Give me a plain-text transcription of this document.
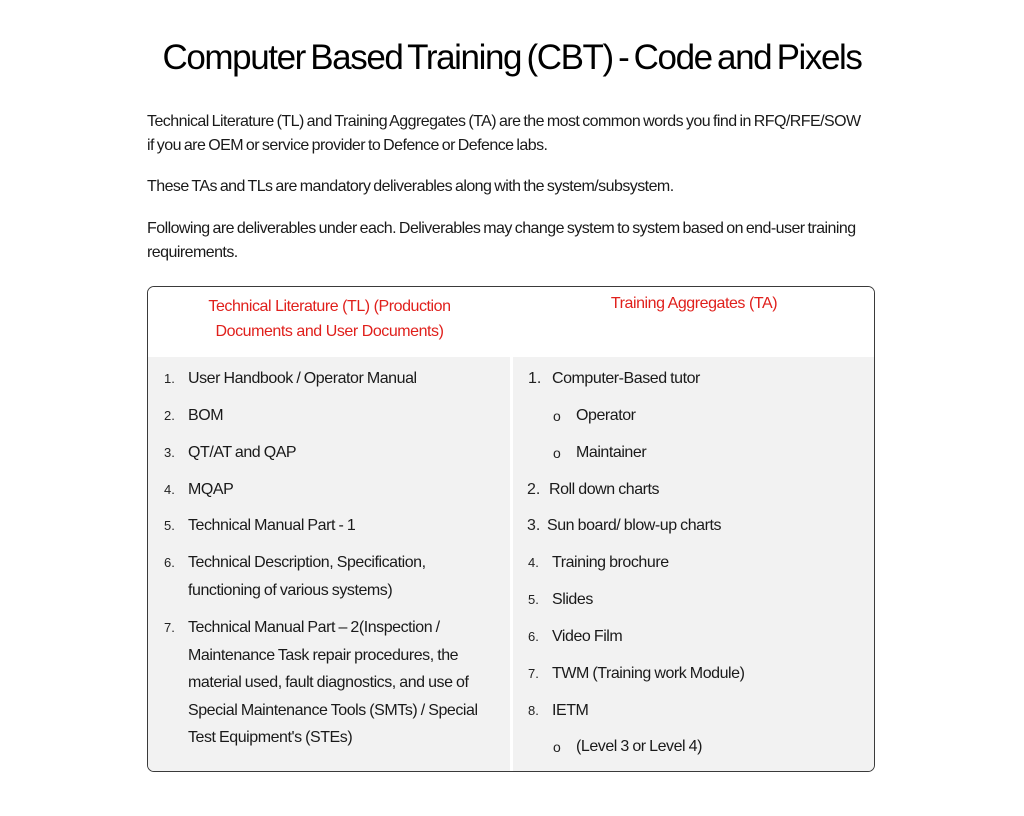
Computer Based Training (CBT) - Code and Pixels

Technical Literature (TL) and Training Aggregates (TA) are the most common words you find in RFQ/RFE/SOW if you are OEM or service provider to Defence or Defence labs.

These TAs and TLs are mandatory deliverables along with the system/subsystem.

Following are deliverables under each. Deliverables may change system to system based on end-user training requirements.

Technical Literature (TL) (Production
Documents and User Documents)
Training Aggregates (TA)
1. User Handbook / Operator Manual
2. BOM
3. QT/AT and QAP
4. MQAP
5. Technical Manual Part - 1
6. Technical Description, Specification, functioning of various systems)
7. Technical Manual Part – 2(Inspection / Maintenance Task repair procedures, the material used, fault diagnostics, and use of Special Maintenance Tools (SMTs) / Special Test Equipment's (STEs)
1. Computer-Based tutor
o Operator
o Maintainer
2. Roll down charts
3. Sun board/ blow-up charts
4. Training brochure
5. Slides
6. Video Film
7. TWM (Training work Module)
8. IETM
o (Level 3 or Level 4)
